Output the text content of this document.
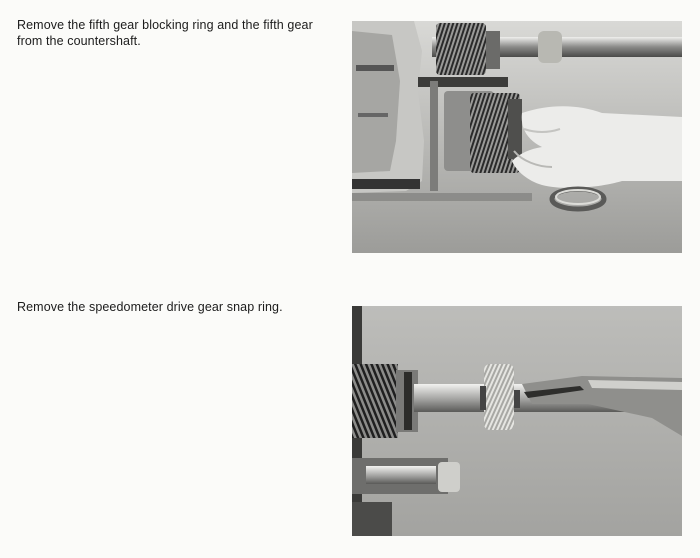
Remove the fifth gear blocking ring and the fifth gear from the countershaft.
Remove the speedometer drive gear snap ring.
